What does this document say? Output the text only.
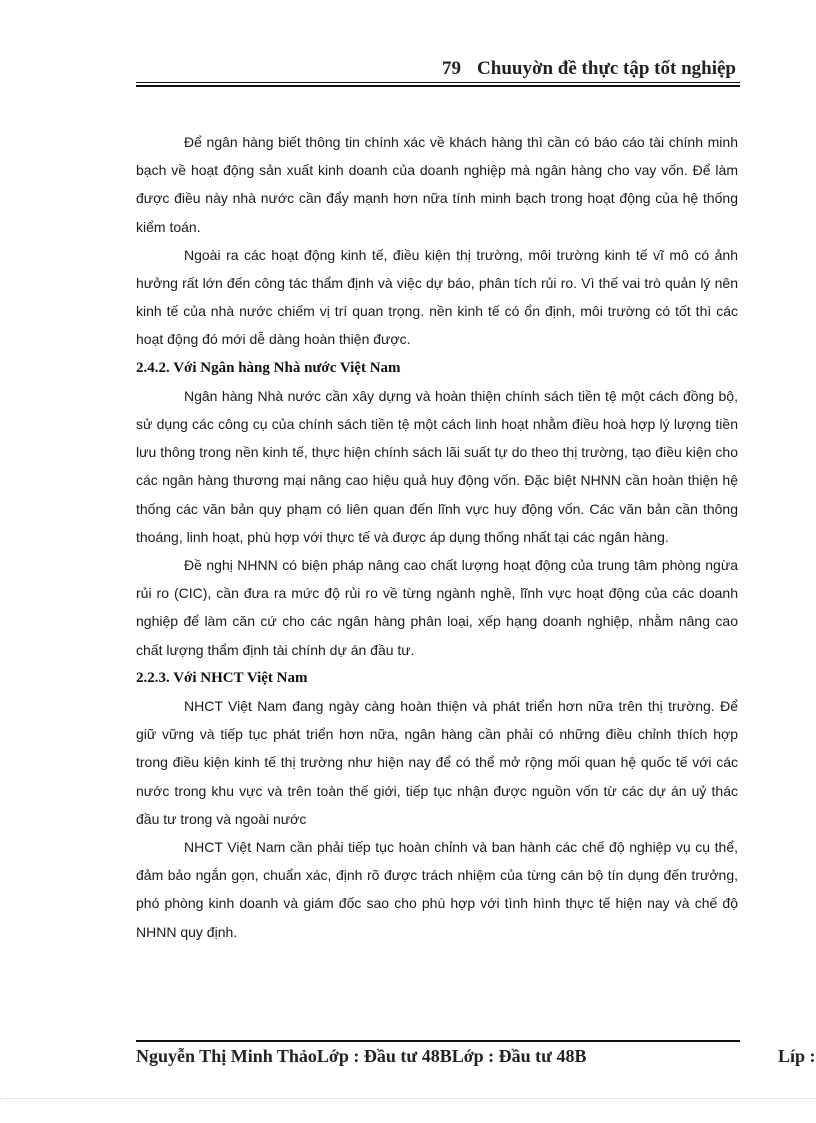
79 Chuuyờn đề thực tập tốt nghiệp

Để ngân hàng biết thông tin chính xác về khách hàng thì cần có báo cáo tài chính minh bạch về hoạt động sản xuất kinh doanh của doanh nghiệp mà ngân hàng cho vay vốn. Để làm được điều này nhà nước cần đẩy mạnh hơn nữa tính minh bạch trong hoạt động của hệ thống kiểm toán.

Ngoài ra các hoạt động kinh tế, điều kiện thị trường, môi trường kinh tế vĩ mô có ảnh hưởng rất lớn đến công tác thẩm định và việc dự báo, phân tích rủi ro. Vì thế vai trò quản lý nên kinh tế của nhà nước chiếm vị trí quan trọng. nền kinh tế có ổn định, môi trường có tốt thì các hoạt động đó mới dễ dàng hoàn thiện được.

2.4.2. Với Ngân hàng Nhà nước Việt Nam

Ngân hàng Nhà nước cần xây dựng và hoàn thiện chính sách tiền tệ một cách đồng bộ, sử dụng các công cụ của chính sách tiền tệ một cách linh hoạt nhằm điều hoà hợp lý lượng tiền lưu thông trong nền kinh tế, thực hiện chính sách lãi suất tự do theo thị trường, tạo điều kiện cho các ngân hàng thương mại nâng cao hiệu quả huy động vốn. Đặc biệt NHNN cần hoàn thiện hệ thống các văn bản quy phạm có liên quan đến lĩnh vực huy động vốn. Các văn bản cần thông thoáng, linh hoạt, phù hợp với thực tế và được áp dụng thống nhất tại các ngân hàng.

Đề nghị NHNN có biện pháp nâng cao chất lượng hoạt động của trung tâm phòng ngừa rủi ro (CIC), cần đưa ra mức độ rủi ro về từng ngành nghề, lĩnh vực hoạt động của các doanh nghiệp để làm căn cứ cho các ngân hàng phân loại, xếp hạng doanh nghiệp, nhằm nâng cao chất lượng thẩm định tài chính dự án đầu tư.

2.2.3. Với NHCT Việt Nam

NHCT Việt Nam đang ngày càng hoàn thiện và phát triển hơn nữa trên thị trường. Để giữ vững và tiếp tục phát triển hơn nữa, ngân hàng cần phải có những điều chỉnh thích hợp trong điều kiện kinh tế thị trường như hiện nay để có thể mở rộng mối quan hệ quốc tế với các nước trong khu vực và trên toàn thế giới, tiếp tục nhận được nguồn vốn từ các dự án uỷ thác đầu tư trong và ngoài nước

NHCT Việt Nam cần phải tiếp tục hoàn chỉnh và ban hành các chế độ nghiệp vụ cụ thể, đảm bảo ngắn gọn, chuẩn xác, định rõ được trách nhiệm của từng cán bộ tín dụng đến trưởng, phó phòng kinh doanh và giám đốc sao cho phù hợp với tình hình thực tế hiện nay và chế độ NHNN quy định.

Nguyễn Thị Minh ThảoLớp : Đầu tư 48BLớp : Đầu tư 48B	Líp :
